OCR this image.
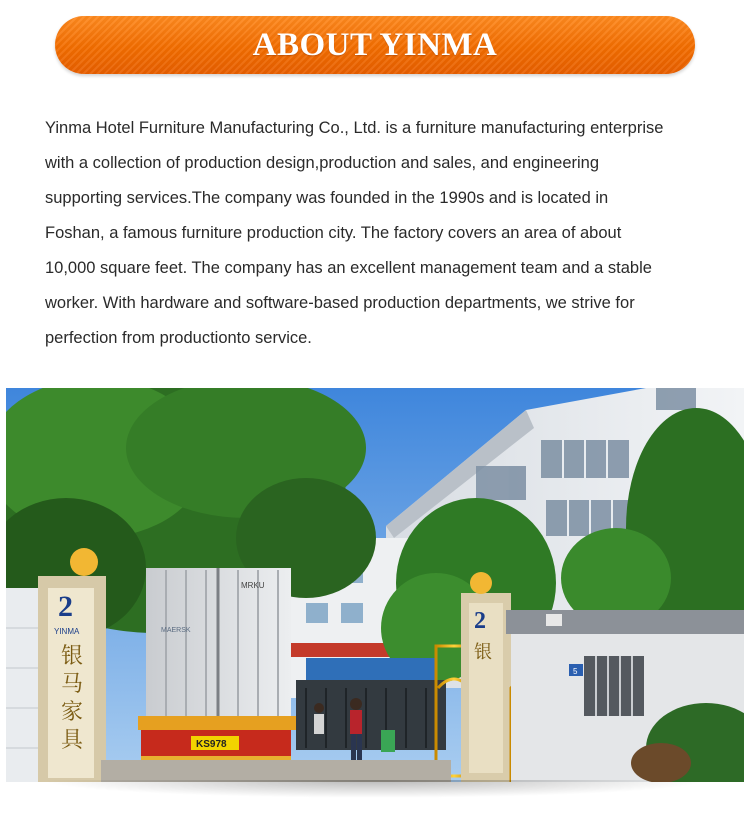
ABOUT YINMA

Yinma Hotel Furniture Manufacturing Co., Ltd. is a furniture manufacturing enterprise
with a collection of production design,production and sales, and engineering
supporting services.The company was founded in the 1990s and is located in
Foshan, a famous furniture production city. The factory covers an area of about
10,000 square feet. The company has an excellent management team and a stable
worker. With hardware and software-based production departments, we strive for
perfection from productionto service.

2
YINMA
银
马
家
具
MAERSK
MRKU
KS978
2
银
5
